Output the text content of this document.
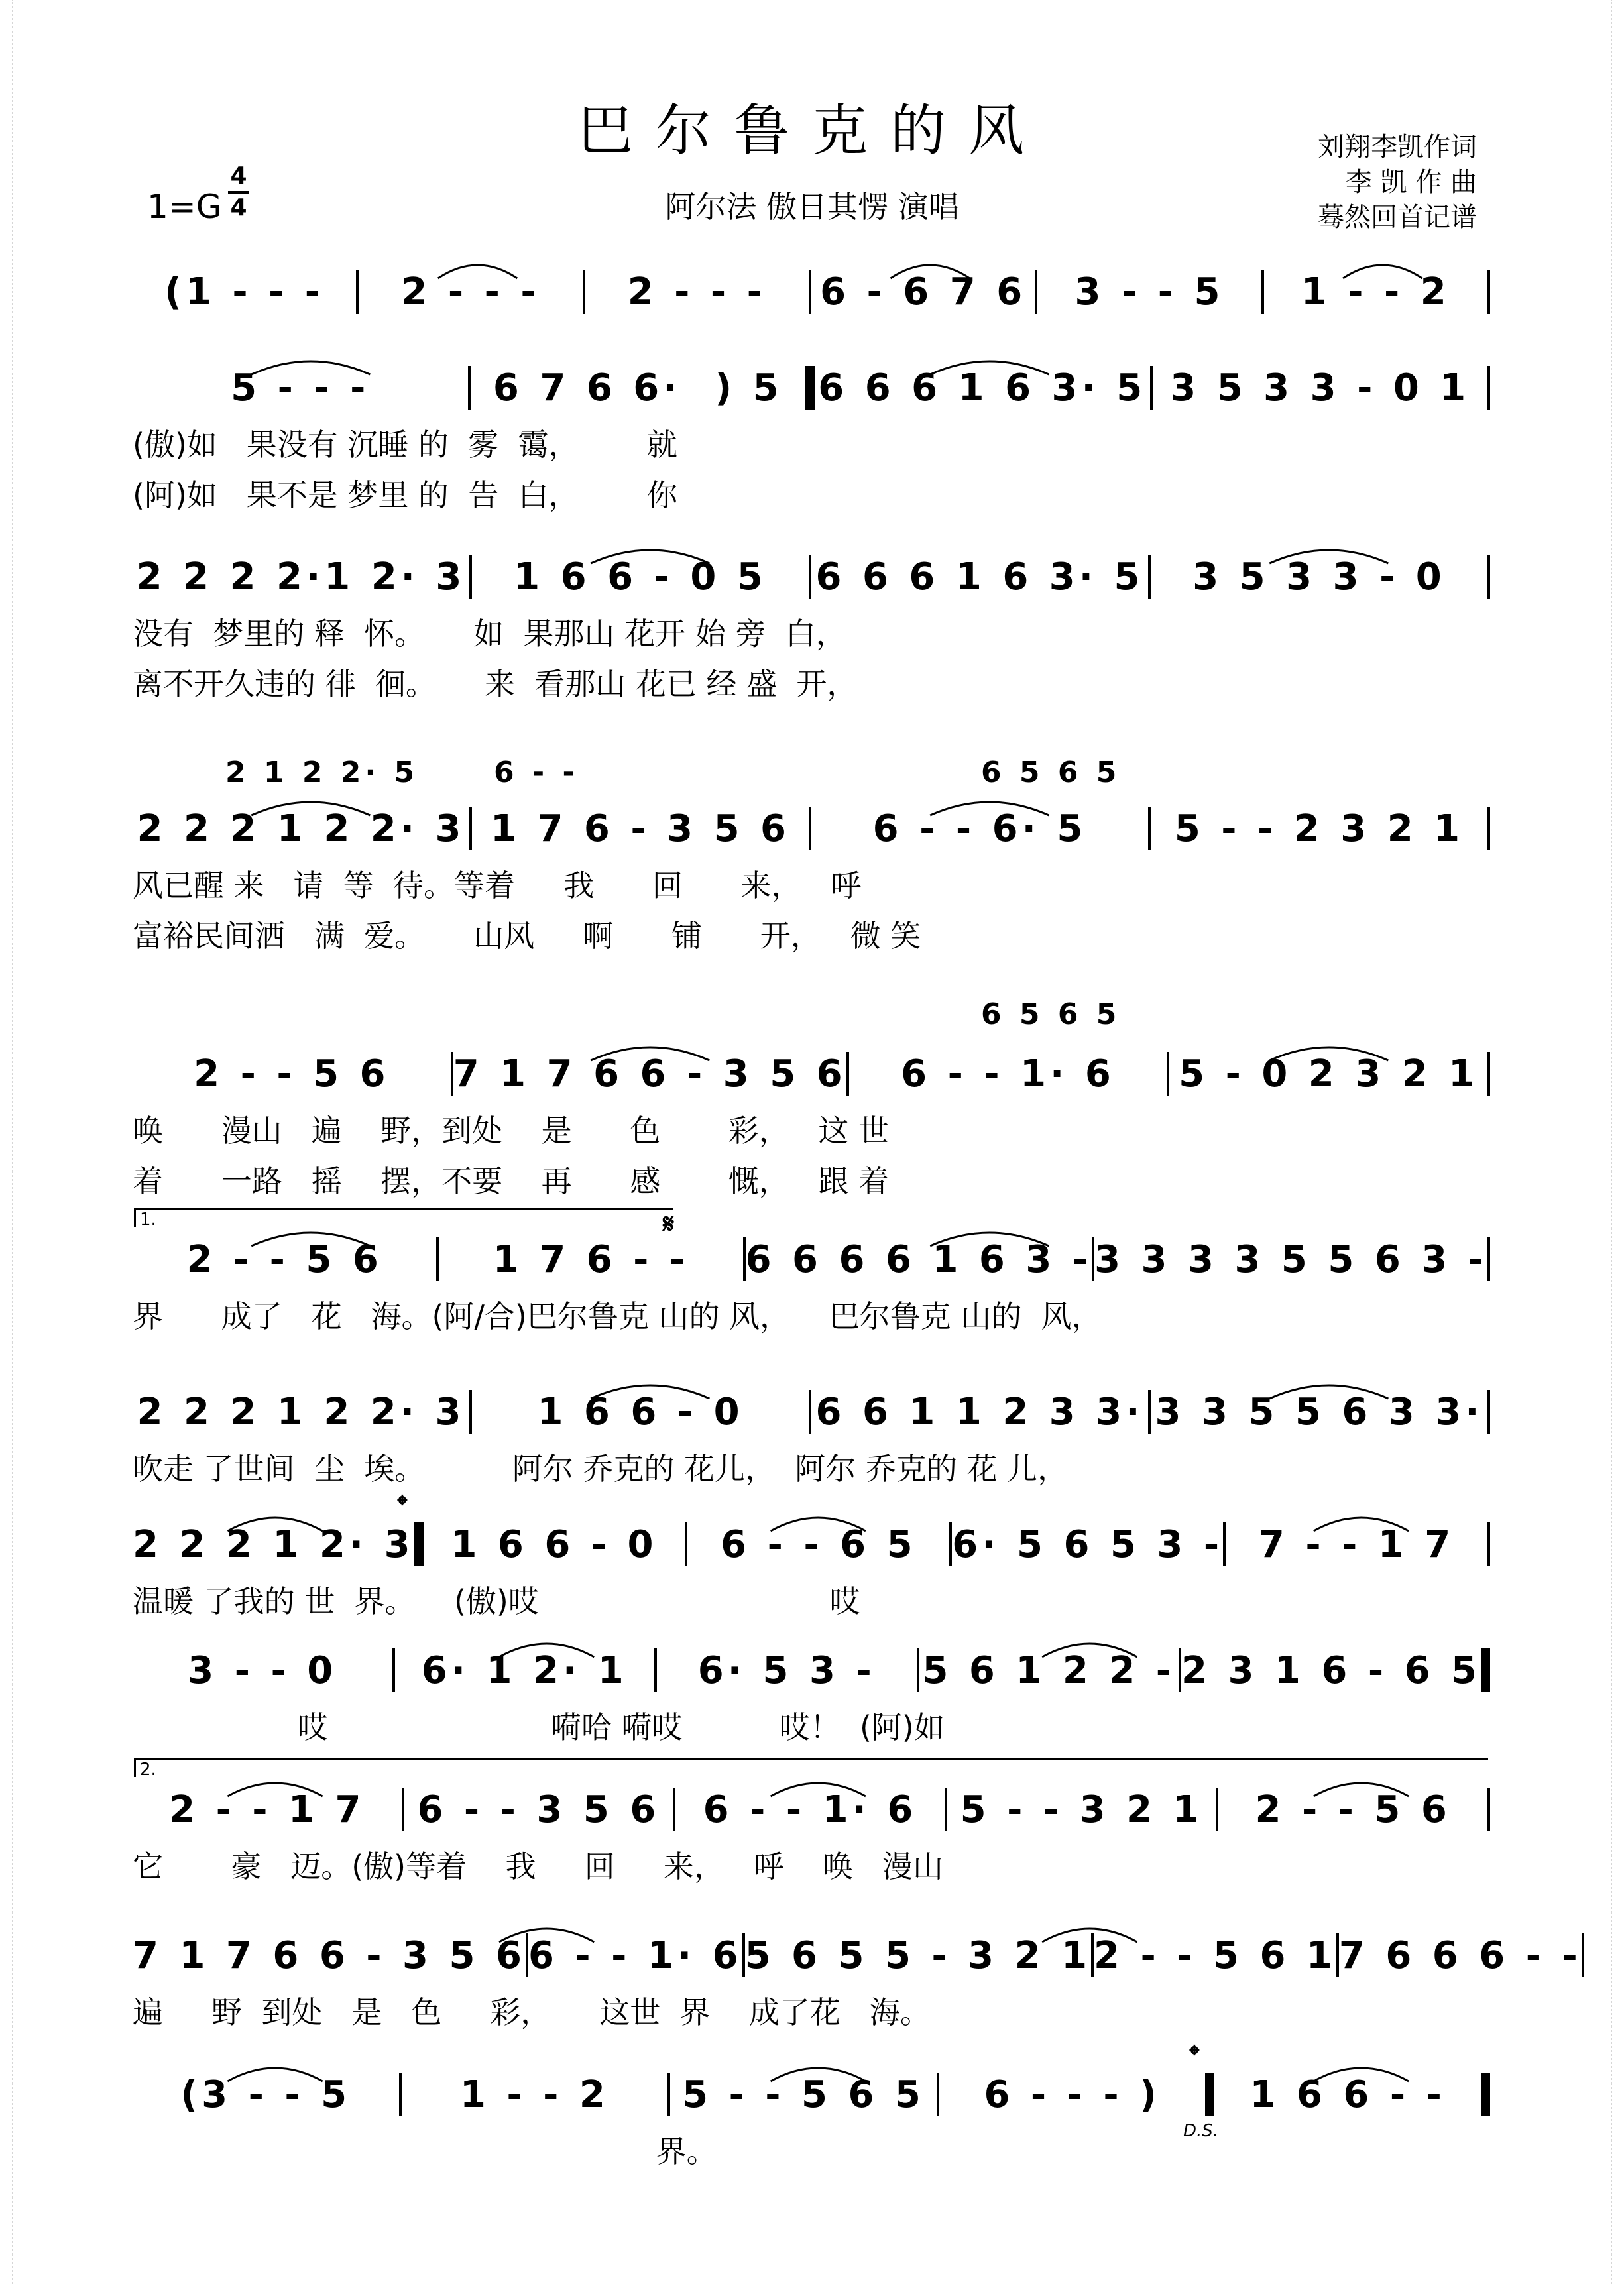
巴尔鲁克的风
1=G
4
4	阿尔法 傲日其愣 演唱
刘翔李凯作词
李 凯 作 曲
蓦然回首记谱
(1 - - -	2 - - -	2 - - -	6 - 6 7 6	3 - - 5	1 - - 2
5 - - -	6 7 6 6·  ) 5 6 6 6 1 6 3· 5 3 5 3 3 - 0 1
(傲)如   果没有 沉睡 的  雾  霭，       就
(阿)如   果不是 梦里 的  告  白，       你
2 2 2 2·1 2· 3	1 6 6 - 0 5	6 6 6 1 6 3· 5	3 5 3 3 - 0
没有  梦里的 释  怀。     如  果那山 花开 始 旁  白，
离不开久违的 徘  徊。     来  看那山 花已 经 盛  开，
2 1 2 2· 5	6 - -	6 5 6 5
2 2 2 1 2 2· 3 1 7 6 - 3 5 6	6 - - 6· 5	5 - - 2 3 2 1
风已醒 来   请  等  待。等着     我      回      来，   呼
富裕民间洒   满  爱。     山风     啊      铺      开，   微 笑
6 5 6 5
2 - - 5 6	7 1 7 6 6 - 3 5 6	6 - - 1· 6	5 - 0 2 3 2 1
唤      漫山   遍    野，到处    是      色       彩，   这 世
着      一路   摇    摆，不要    再      感       慨，   跟 着
1.	𝄋
2 - - 5 6	1 7 6 - -	6 6 6 6 1 6 3 - 3 3 3 3 5 5 6 3 -
界      成了   花   海。(阿/合)巴尔鲁克 山的 风，    巴尔鲁克 山的  风，
2 2 2 1 2 2· 3	1 6 6 - 0	6 6 1 1 2 3 3· 3 3 5 5 6 3 3·
吹走 了世间  尘  埃。         阿尔 乔克的 花儿，  阿尔 乔克的 花 儿，
𝄌
2 2 2 1 2· 3 1 6 6 - 0	6 - - 6 5 6· 5 6 5 3 - 7 - - 1 7
温暖 了我的 世  界。    (傲)哎                              哎
3 - - 0	6· 1 2· 1	6· 5 3 -	5 6 1 2 2 - 2 3 1 6 - 6 5
哎                       嗬哈 嗬哎          哎！  (阿)如
2.
2 - - 1 7	6 - - 3 5 6	6 - - 1· 6	5 - - 3 2 1	2 - - 5 6
它       豪   迈。(傲)等着    我     回     来，   呼    唤   漫山
7 1 7 6 6 - 3 5 6 6 - - 1· 6 5 6 5 5 - 3 2 1 2 - - 5 6 1 7 6 6 6 - -
遍     野  到处   是   色     彩，     这世  界    成了花   海。
𝄌
D.S.
(3 - - 5	1 - - 2	5 - - 5 6 5	6 - - - )	1 6 6 - -
界。
